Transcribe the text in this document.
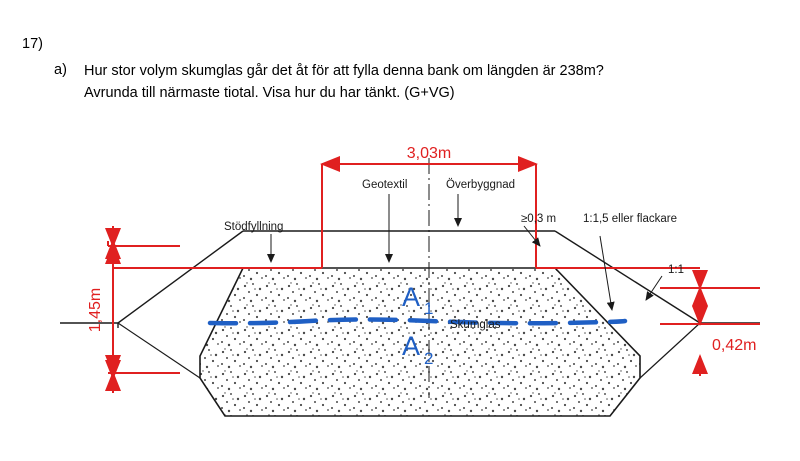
17)
a) Hur stor volym skumglas går det åt för att fylla denna bank om längden är 238m?
Avrunda till närmaste tiotal. Visa hur du har tänkt. (G+VG)
3,03m
1,45m
0,42m
A 1
A 2
Geotextil	Överbyggnad
Stödfyllning
≥0,3 m 1:1,5 eller flackare
1:1
Skumglas
